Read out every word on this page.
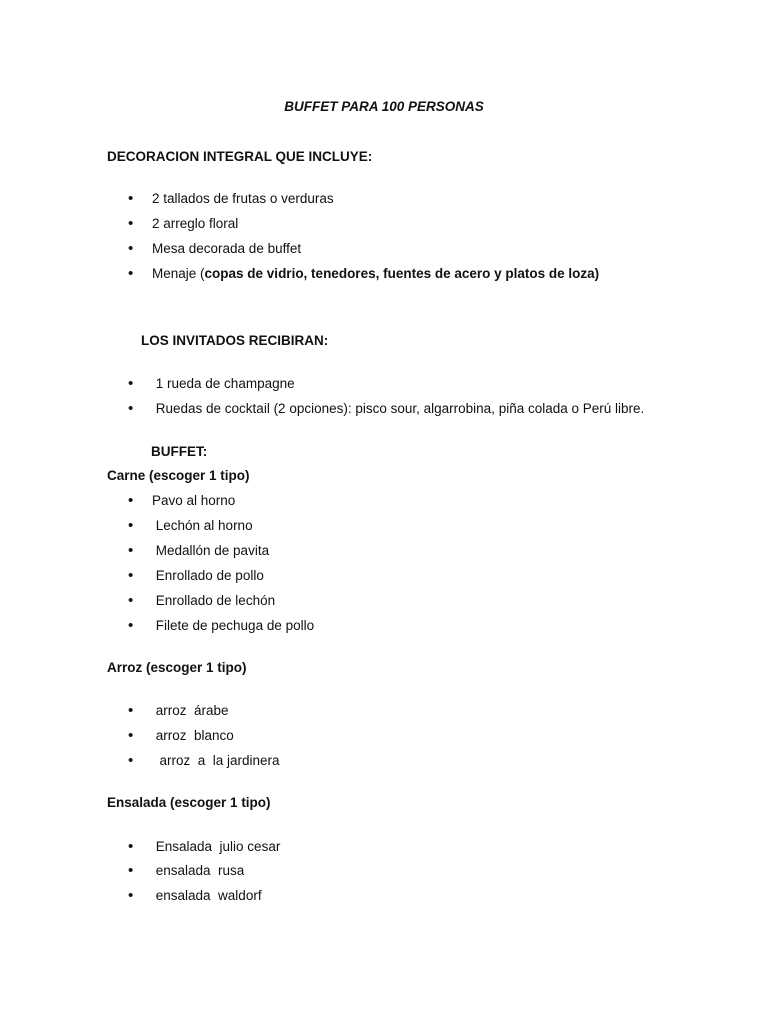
BUFFET PARA 100 PERSONAS
DECORACION INTEGRAL QUE INCLUYE:
• 2 tallados de frutas o verduras
• 2 arreglo floral
• Mesa decorada de buffet
• Menaje (copas de vidrio, tenedores, fuentes de acero y platos de loza)
LOS INVITADOS RECIBIRAN:
• 1 rueda de champagne
• Ruedas de cocktail (2 opciones): pisco sour, algarrobina, piña colada o Perú libre.
BUFFET:
Carne (escoger 1 tipo)
• Pavo al horno
• Lechón al horno
• Medallón de pavita
• Enrollado de pollo
• Enrollado de lechón
• Filete de pechuga de pollo
Arroz (escoger 1 tipo)
• arroz  árabe
• arroz  blanco
• arroz  a  la jardinera
Ensalada (escoger 1 tipo)
• Ensalada  julio cesar
• ensalada  rusa
• ensalada  waldorf
